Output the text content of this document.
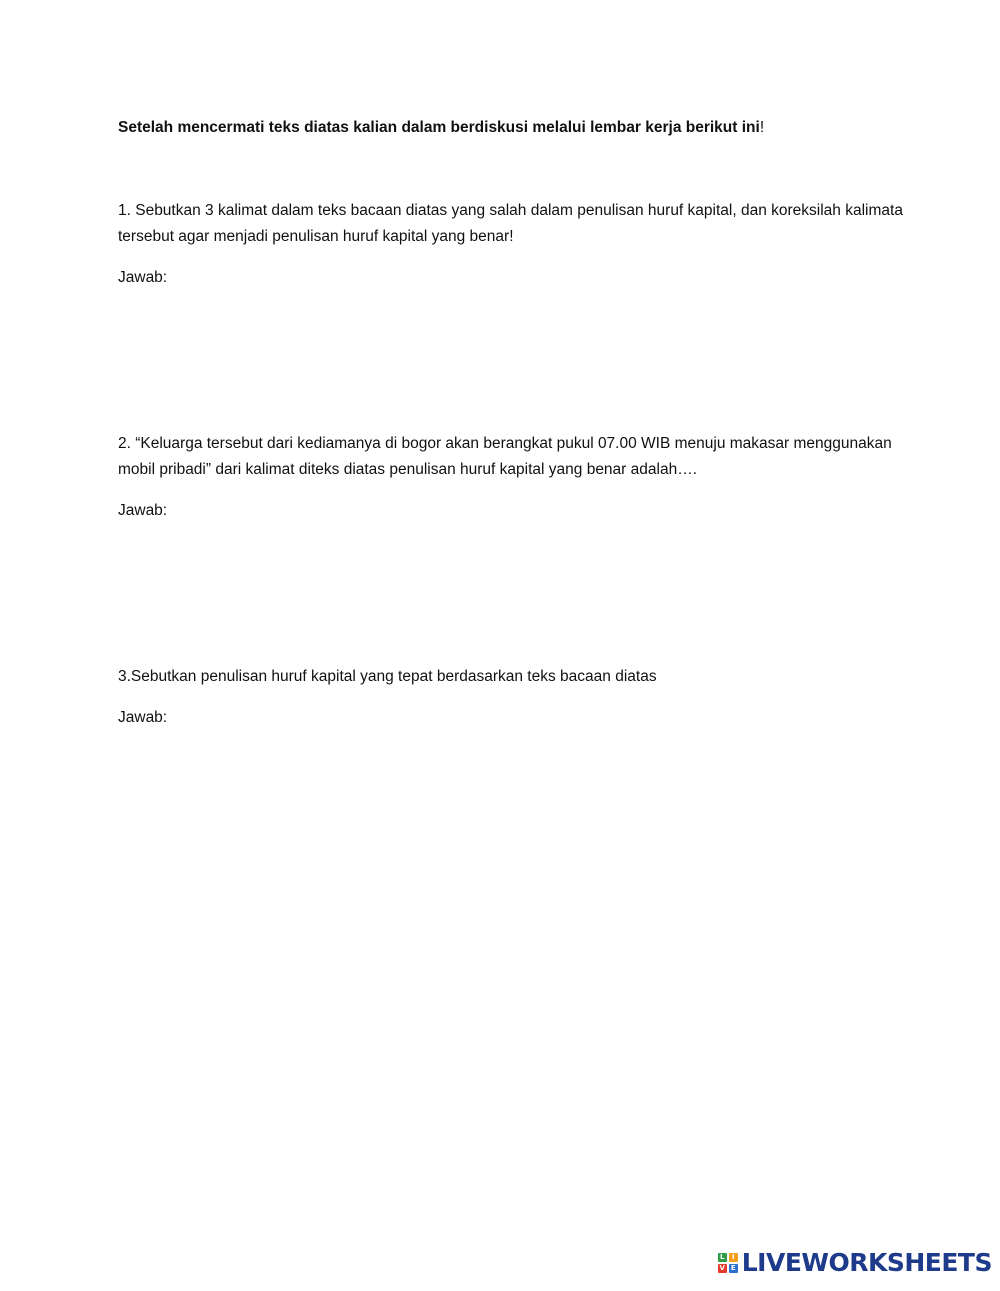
Setelah mencermati teks diatas kalian dalam berdiskusi melalui lembar kerja berikut ini!

1. Sebutkan 3 kalimat dalam teks bacaan diatas yang salah dalam penulisan huruf kapital, dan koreksilah kalimata tersebut agar menjadi penulisan huruf kapital yang benar!

Jawab:

2. “Keluarga tersebut dari kediamanya di bogor akan berangkat pukul 07.00 WIB menuju makasar menggunakan mobil pribadi” dari kalimat diteks diatas penulisan huruf kapital yang benar adalah….

Jawab:

3.Sebutkan penulisan huruf kapital yang tepat berdasarkan teks bacaan diatas

Jawab:

L	I
V E LIVEWORKSHEETS
